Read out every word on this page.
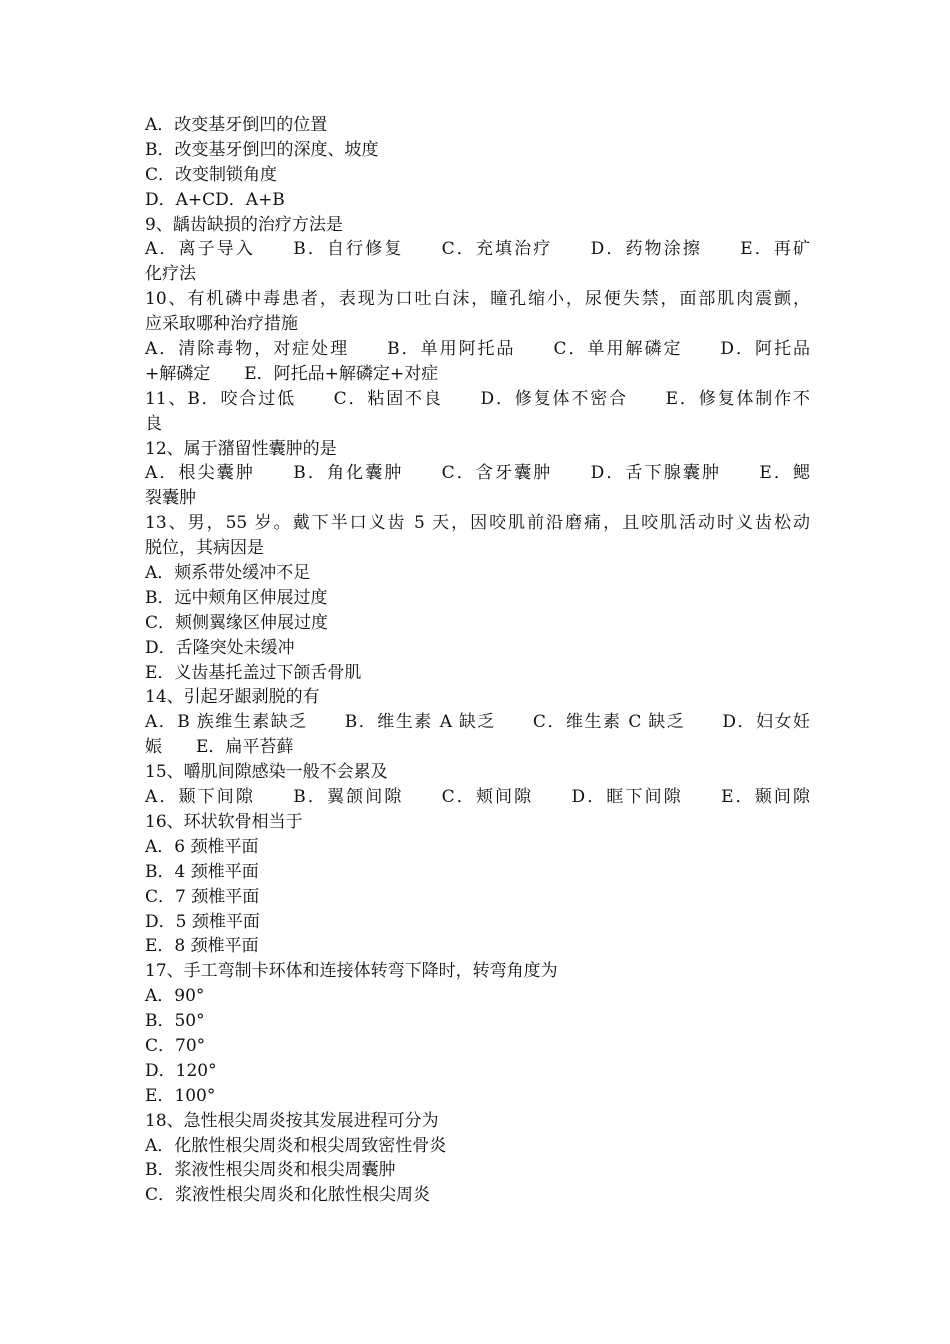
A．改变基牙倒凹的位置
B．改变基牙倒凹的深度、坡度
C．改变制锁角度
D．A+CD．A+B
9、龋齿缺损的治疗方法是
A．离子导入　　B．自行修复　　C．充填治疗　　D．药物涂擦　　E．再矿
化疗法
10、有机磷中毒患者，表现为口吐白沫，瞳孔缩小，尿便失禁，面部肌肉震颤，
应采取哪种治疗措施
A．清除毒物，对症处理　　B．单用阿托品　　C．单用解磷定　　D．阿托品
+解磷定　　E．阿托品+解磷定+对症
11、B．咬合过低　　C．粘固不良　　D．修复体不密合　　E．修复体制作不
良
12、属于潴留性囊肿的是
A．根尖囊肿　　B．角化囊肿　　C．含牙囊肿　　D．舌下腺囊肿　　E．鳃
裂囊肿
13、男，55 岁。戴下半口义齿 5 天，因咬肌前沿磨痛，且咬肌活动时义齿松动
脱位，其病因是
A．颊系带处缓冲不足
B．远中颊角区伸展过度
C．颊侧翼缘区伸展过度
D．舌隆突处未缓冲
E．义齿基托盖过下颌舌骨肌
14、引起牙龈剥脱的有
A．B 族维生素缺乏　　B．维生素 A 缺乏　　C．维生素 C 缺乏　　D．妇女妊
娠　　E．扁平苔藓
15、嚼肌间隙感染一般不会累及
A．颞下间隙　　B．翼颌间隙　　C．颊间隙　　D．眶下间隙　　E．颞间隙
16、环状软骨相当于
A．6 颈椎平面
B．4 颈椎平面
C．7 颈椎平面
D．5 颈椎平面
E．8 颈椎平面
17、手工弯制卡环体和连接体转弯下降时，转弯角度为
A．90°
B．50°
C．70°
D．120°
E．100°
18、急性根尖周炎按其发展进程可分为
A．化脓性根尖周炎和根尖周致密性骨炎
B．浆液性根尖周炎和根尖周囊肿
C．浆液性根尖周炎和化脓性根尖周炎
